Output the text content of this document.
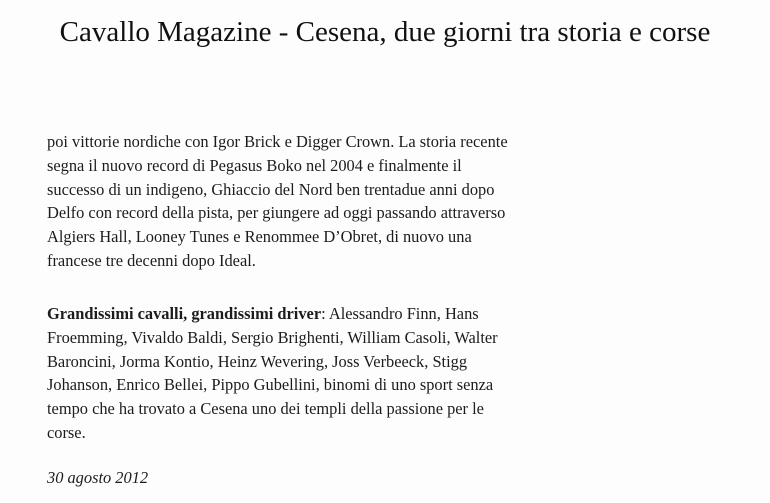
Cavallo Magazine - Cesena, due giorni tra storia e corse
poi vittorie nordiche con Igor Brick e Digger Crown. La storia recente
segna il nuovo record di Pegasus Boko nel 2004 e finalmente il
successo di un indigeno, Ghiaccio del Nord ben trentadue anni dopo
Delfo con record della pista, per giungere ad oggi passando attraverso
Algiers Hall, Looney Tunes e Renommee D’Obret, di nuovo una
francese tre decenni dopo Ideal.
Grandissimi cavalli, grandissimi driver: Alessandro Finn, Hans
Froemming, Vivaldo Baldi, Sergio Brighenti, William Casoli, Walter
Baroncini, Jorma Kontio, Heinz Wevering, Joss Verbeeck, Stigg
Johanson, Enrico Bellei, Pippo Gubellini, binomi di uno sport senza
tempo che ha trovato a Cesena uno dei templi della passione per le
corse.
30 agosto 2012
